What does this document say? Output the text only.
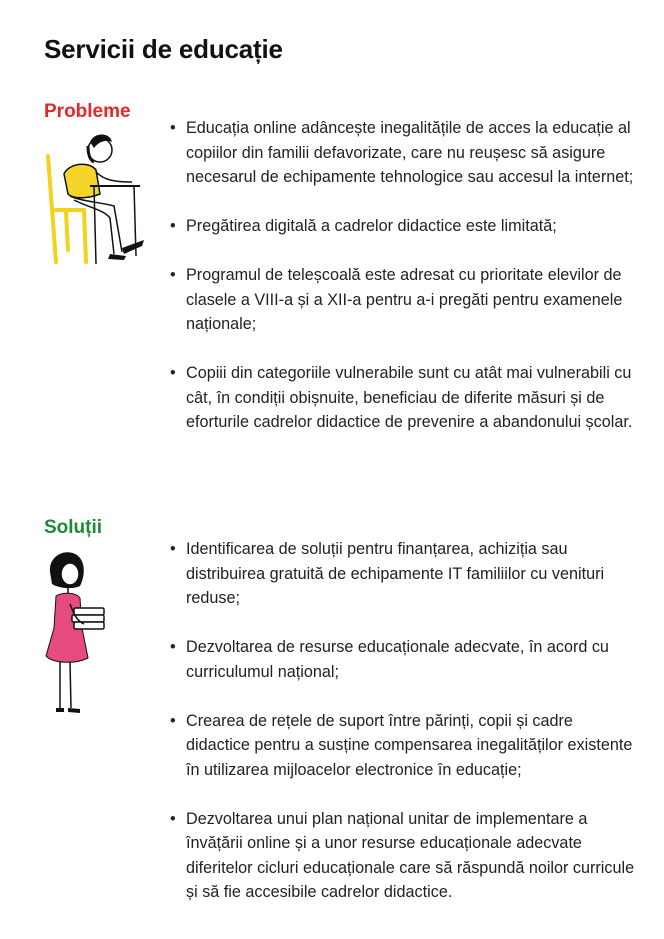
Servicii de educație
Probleme
• Educația online adâncește inegalitățile de acces la educație al copiilor din familii defavorizate, care nu reușesc să asigure necesarul de echipamente tehnologice sau accesul la internet;
• Pregătirea digitală a cadrelor didactice este limitată;
• Programul de teleșcoală este adresat cu prioritate elevilor de clasele a VIII-a și a XII-a pentru a-i pregăti pentru examenele naționale;
• Copiii din categoriile vulnerabile sunt cu atât mai vulnerabili cu cât, în condiții obișnuite, beneficiau de diferite măsuri și de eforturile cadrelor didactice de prevenire a abandonului școlar.
Soluții
• Identificarea de soluții pentru finanțarea, achiziția sau distribuirea gratuită de echipamente IT familiilor cu venituri reduse;
• Dezvoltarea de resurse educaționale adecvate, în acord cu curriculumul național;
• Crearea de rețele de suport între părinți, copii și cadre didactice pentru a susține compensarea inegalităților existente în utilizarea mijloacelor electronice în educație;
• Dezvoltarea unui plan național unitar de implementare a învățării online și a unor resurse educaționale adecvate diferitelor cicluri educaționale care să răspundă noilor curricule și să fie accesibile cadrelor didactice.
